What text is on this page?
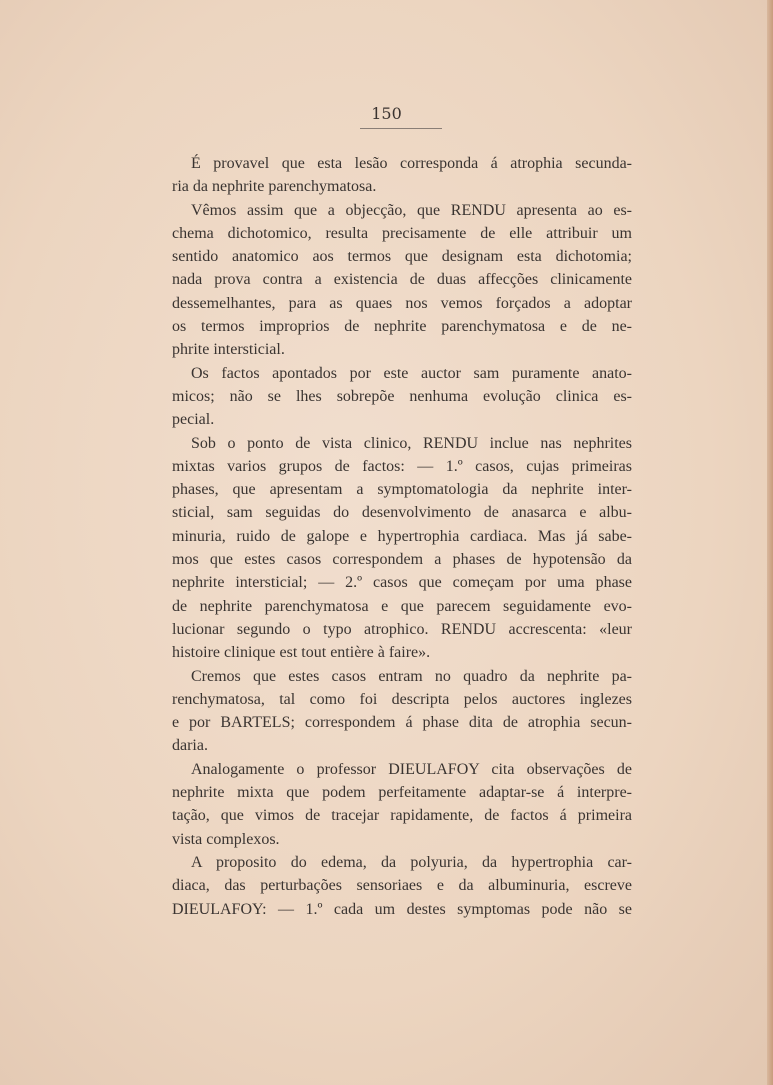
150
É provavel que esta lesão corresponda á atrophia secunda-
ria da nephrite parenchymatosa.
Vêmos assim que a objecção, que RENDU apresenta ao es-
chema dichotomico, resulta precisamente de elle attribuir um
sentido anatomico aos termos que designam esta dichotomia;
nada prova contra a existencia de duas affecções clinicamente
dessemelhantes, para as quaes nos vemos forçados a adoptar
os termos improprios de nephrite parenchymatosa e de ne-
phrite intersticial.
Os factos apontados por este auctor sam puramente anato-
micos; não se lhes sobrepõe nenhuma evolução clinica es-
pecial.
Sob o ponto de vista clinico, RENDU inclue nas nephrites
mixtas varios grupos de factos: — 1.º casos, cujas primeiras
phases, que apresentam a symptomatologia da nephrite inter-
sticial, sam seguidas do desenvolvimento de anasarca e albu-
minuria, ruido de galope e hypertrophia cardiaca. Mas já sabe-
mos que estes casos correspondem a phases de hypotensão da
nephrite intersticial; — 2.º casos que começam por uma phase
de nephrite parenchymatosa e que parecem seguidamente evo-
lucionar segundo o typo atrophico. RENDU accrescenta: «leur
histoire clinique est tout entière à faire».
Cremos que estes casos entram no quadro da nephrite pa-
renchymatosa, tal como foi descripta pelos auctores inglezes
e por BARTELS; correspondem á phase dita de atrophia secun-
daria.
Analogamente o professor DIEULAFOY cita observações de
nephrite mixta que podem perfeitamente adaptar-se á interpre-
tação, que vimos de tracejar rapidamente, de factos á primeira
vista complexos.
A proposito do edema, da polyuria, da hypertrophia car-
diaca, das perturbações sensoriaes e da albuminuria, escreve
DIEULAFOY: — 1.º cada um destes symptomas pode não se
